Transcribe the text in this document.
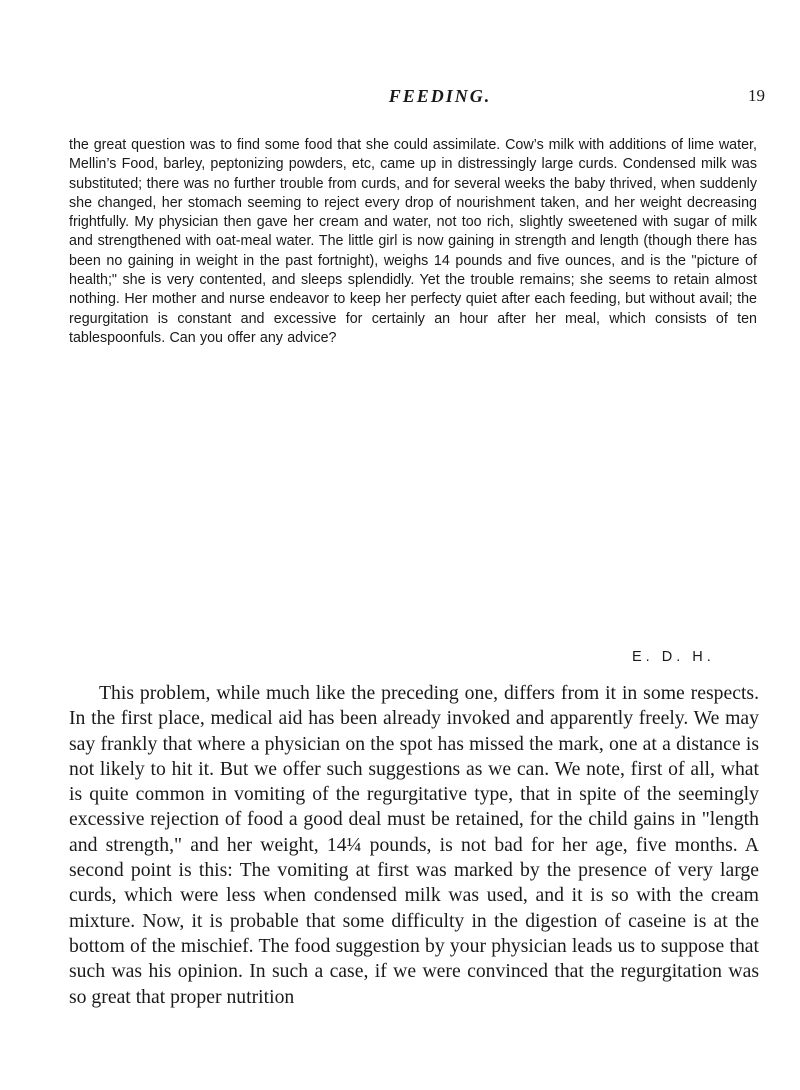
FEEDING.	19

the great question was to find some food that she could assimilate. Cow’s milk with additions of lime water, Mellin’s Food, barley, peptonizing powders, etc, came up in distressingly large curds. Condensed milk was substituted; there was no further trouble from curds, and for several weeks the baby thrived, when suddenly she changed, her stomach seeming to reject every drop of nourishment taken, and her weight decreasing frightfully. My physician then gave her cream and water, not too rich, slightly sweetened with sugar of milk and strengthened with oat-meal water. The little girl is now gaining in strength and length (though there has been no gaining in weight in the past fortnight), weighs 14 pounds and five ounces, and is the "picture of health;" she is very contented, and sleeps splendidly. Yet the trouble remains; she seems to retain almost nothing. Her mother and nurse endeavor to keep her perfecty quiet after each feeding, but without avail; the regurgitation is constant and excessive for certainly an hour after her meal, which consists of ten tablespoonfuls. Can you offer any advice?

E. D. H.

This problem, while much like the preceding one, differs from it in some respects. In the first place, medical aid has been already invoked and apparently freely. We may say frankly that where a physician on the spot has missed the mark, one at a distance is not likely to hit it. But we offer such suggestions as we can. We note, first of all, what is quite common in vomiting of the regurgitative type, that in spite of the seemingly excessive rejection of food a good deal must be retained, for the child gains in "length and strength," and her weight, 14¼ pounds, is not bad for her age, five months. A second point is this: The vomiting at first was marked by the presence of very large curds, which were less when condensed milk was used, and it is so with the cream mixture. Now, it is probable that some difficulty in the digestion of caseine is at the bottom of the mischief. The food suggestion by your physician leads us to suppose that such was his opinion. In such a case, if we were convinced that the regurgitation was so great that proper nutrition
